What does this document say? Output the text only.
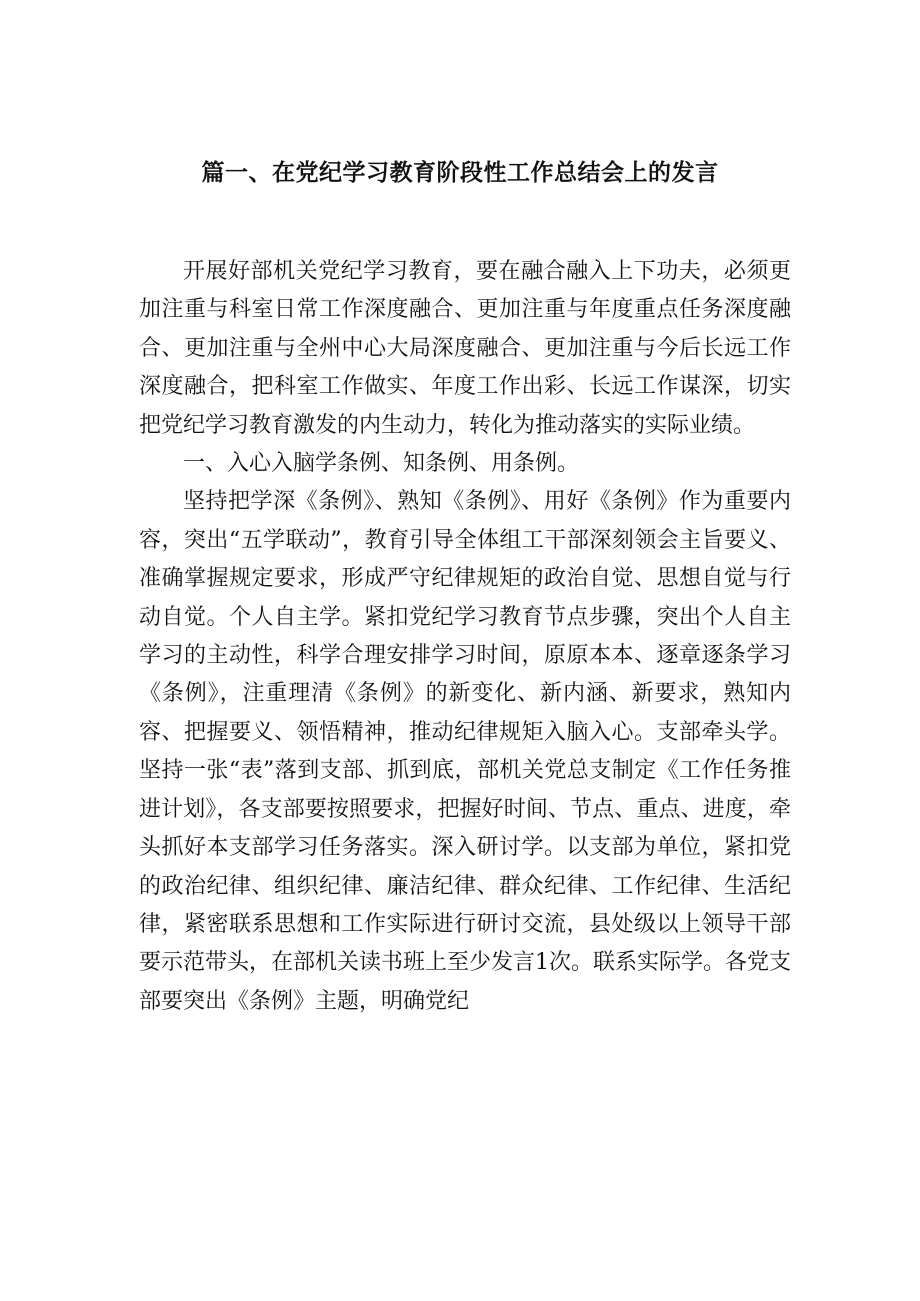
篇一、在党纪学习教育阶段性工作总结会上的发言

开展好部机关党纪学习教育，要在融合融入上下功夫，必须更加注重与科室日常工作深度融合、更加注重与年度重点任务深度融合、更加注重与全州中心大局深度融合、更加注重与今后长远工作深度融合，把科室工作做实、年度工作出彩、长远工作谋深，切实把党纪学习教育激发的内生动力，转化为推动落实的实际业绩。

一、入心入脑学条例、知条例、用条例。

坚持把学深《条例》、熟知《条例》、用好《条例》作为重要内容，突出“五学联动”，教育引导全体组工干部深刻领会主旨要义、准确掌握规定要求，形成严守纪律规矩的政治自觉、思想自觉与行动自觉。个人自主学。紧扣党纪学习教育节点步骤，突出个人自主学习的主动性，科学合理安排学习时间，原原本本、逐章逐条学习《条例》，注重理清《条例》的新变化、新内涵、新要求，熟知内容、把握要义、领悟精神，推动纪律规矩入脑入心。支部牵头学。坚持一张“表”落到支部、抓到底，部机关党总支制定《工作任务推进计划》，各支部要按照要求，把握好时间、节点、重点、进度，牵头抓好本支部学习任务落实。深入研讨学。以支部为单位，紧扣党的政治纪律、组织纪律、廉洁纪律、群众纪律、工作纪律、生活纪律，紧密联系思想和工作实际进行研讨交流，县处级以上领导干部要示范带头，在部机关读书班上至少发言1次。联系实际学。各党支部要突出《条例》主题，明确党纪
